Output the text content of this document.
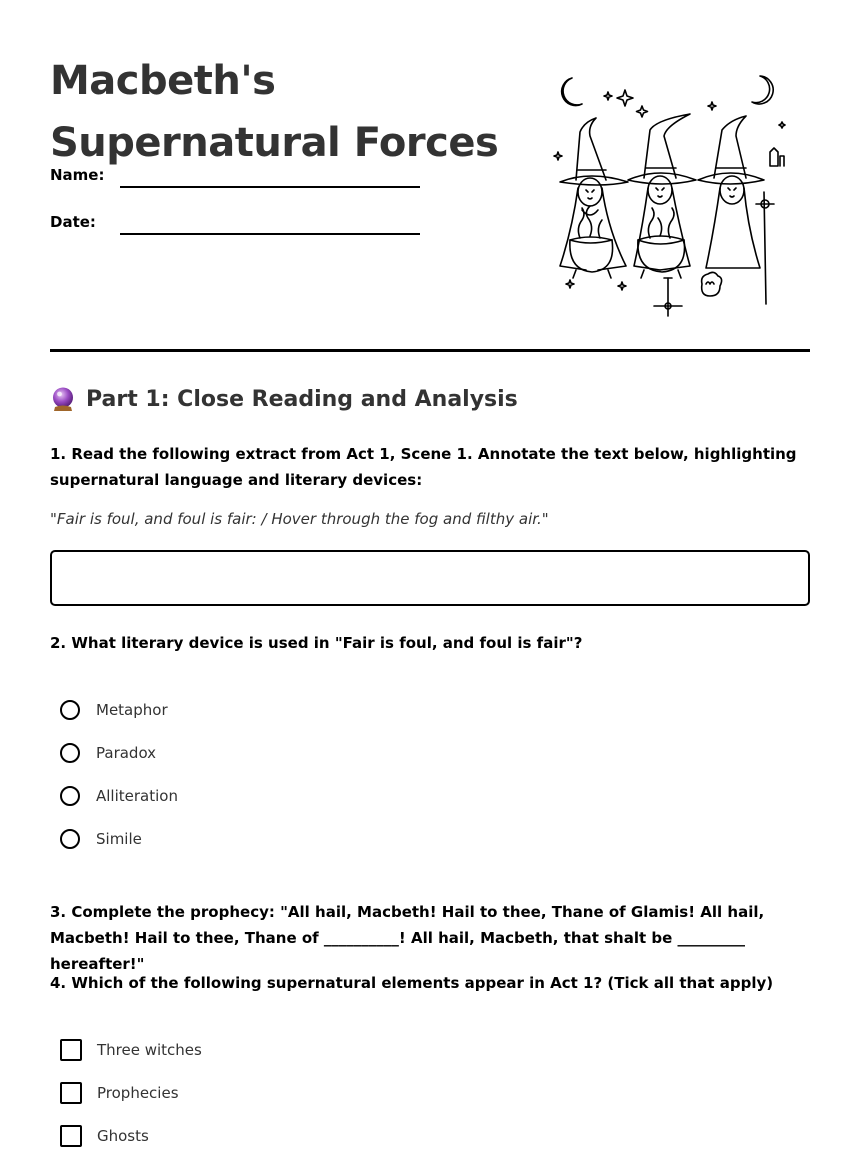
Macbeth's Supernatural Forces
Name:
Date:
Part 1: Close Reading and Analysis

1. Read the following extract from Act 1, Scene 1. Annotate the text below, highlighting supernatural language and literary devices:

"Fair is foul, and foul is fair: / Hover through the fog and filthy air."

2. What literary device is used in "Fair is foul, and foul is fair"?

Metaphor
Paradox
Alliteration
Simile

3. Complete the prophecy: "All hail, Macbeth! Hail to thee, Thane of Glamis! All hail, Macbeth! Hail to thee, Thane of __________! All hail, Macbeth, that shalt be _________ hereafter!"

4. Which of the following supernatural elements appear in Act 1? (Tick all that apply)

Three witches
Prophecies
Ghosts
